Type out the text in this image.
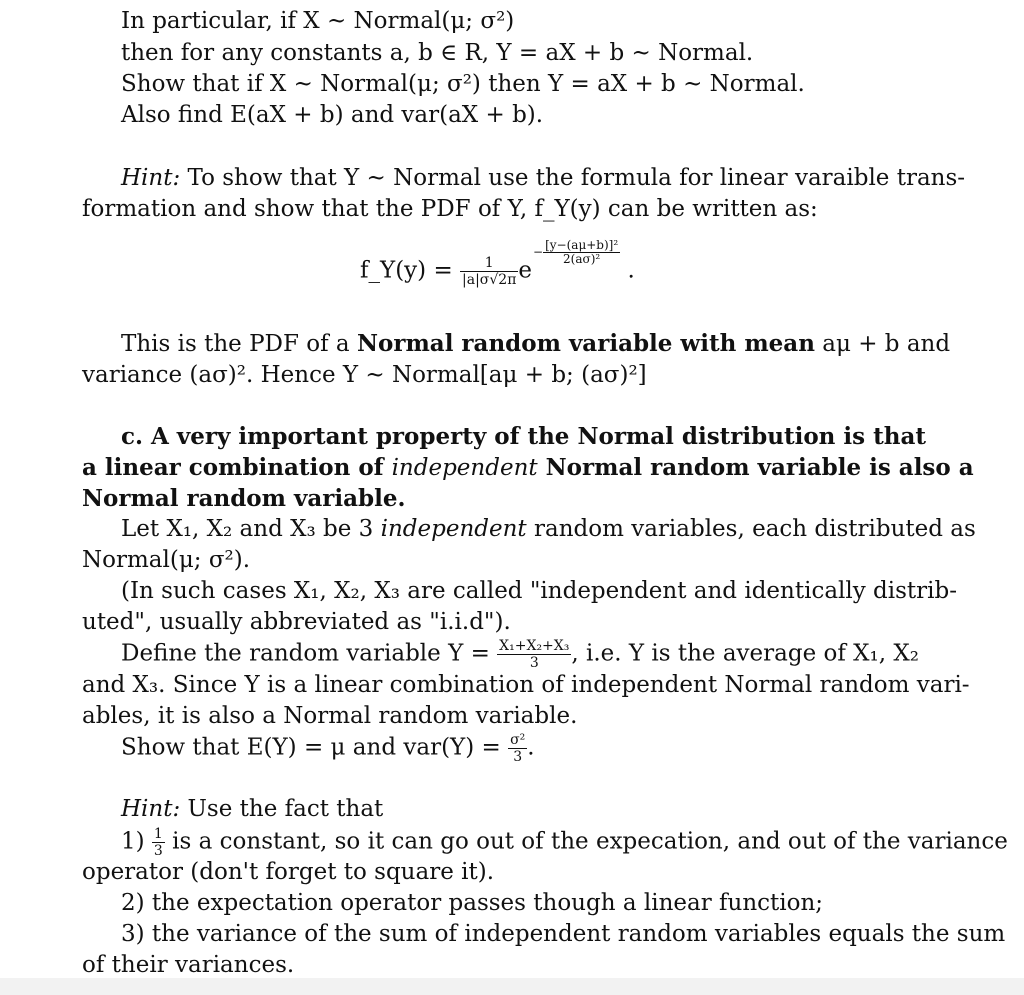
In particular, if X ~ Normal(μ; σ²)

then for any constants a, b ∈ R, Y = aX + b ~ Normal.

Show that if X ~ Normal(μ; σ²) then Y = aX + b ~ Normal.

Also find E(aX + b) and var(aX + b).

Hint: To show that Y ~ Normal use the formula for linear varaible trans-

formation and show that the PDF of Y, f_Y(y) can be written as:

f_Y(y) = $\frac{1}{|a|\sigma√2\pi} e- \frac{\text{[y−(aμ+b)]²}}{\text{2(aσ)²}}$
.

This is the PDF of a Normal random variable with mean aμ + b and

variance (aσ)². Hence Y ~ Normal[aμ + b; (aσ)²]

c. A very important property of the Normal distribution is that

a linear combination of independent Normal random variable is also a

Normal random variable.

Let X₁, X₂ and X₃ be 3 independent random variables, each distributed as

Normal(μ; σ²).

(In such cases X₁, X₂, X₃ are called "independent and identically distrib-

uted", usually abbreviated as "i.i.d").

Define the random variable $Y = \frac{\text{X₁+X₂+X₃}}{3}$ , i.e. Y is the average of X₁, X₂

and X₃. Since Y is a linear combination of independent Normal random vari-

ables, it is also a Normal random variable.

Show that E(Y) = μ and $var(Y) = \frac{\text{σ²}}{3}$ .

Hint: Use the fact that

$1) \frac{1}{3}$ is a constant, so it can go out of the expecation, and out of the variance

operator (don't forget to square it).

2) the expectation operator passes though a linear function;

3) the variance of the sum of independent random variables equals the sum

of their variances.
